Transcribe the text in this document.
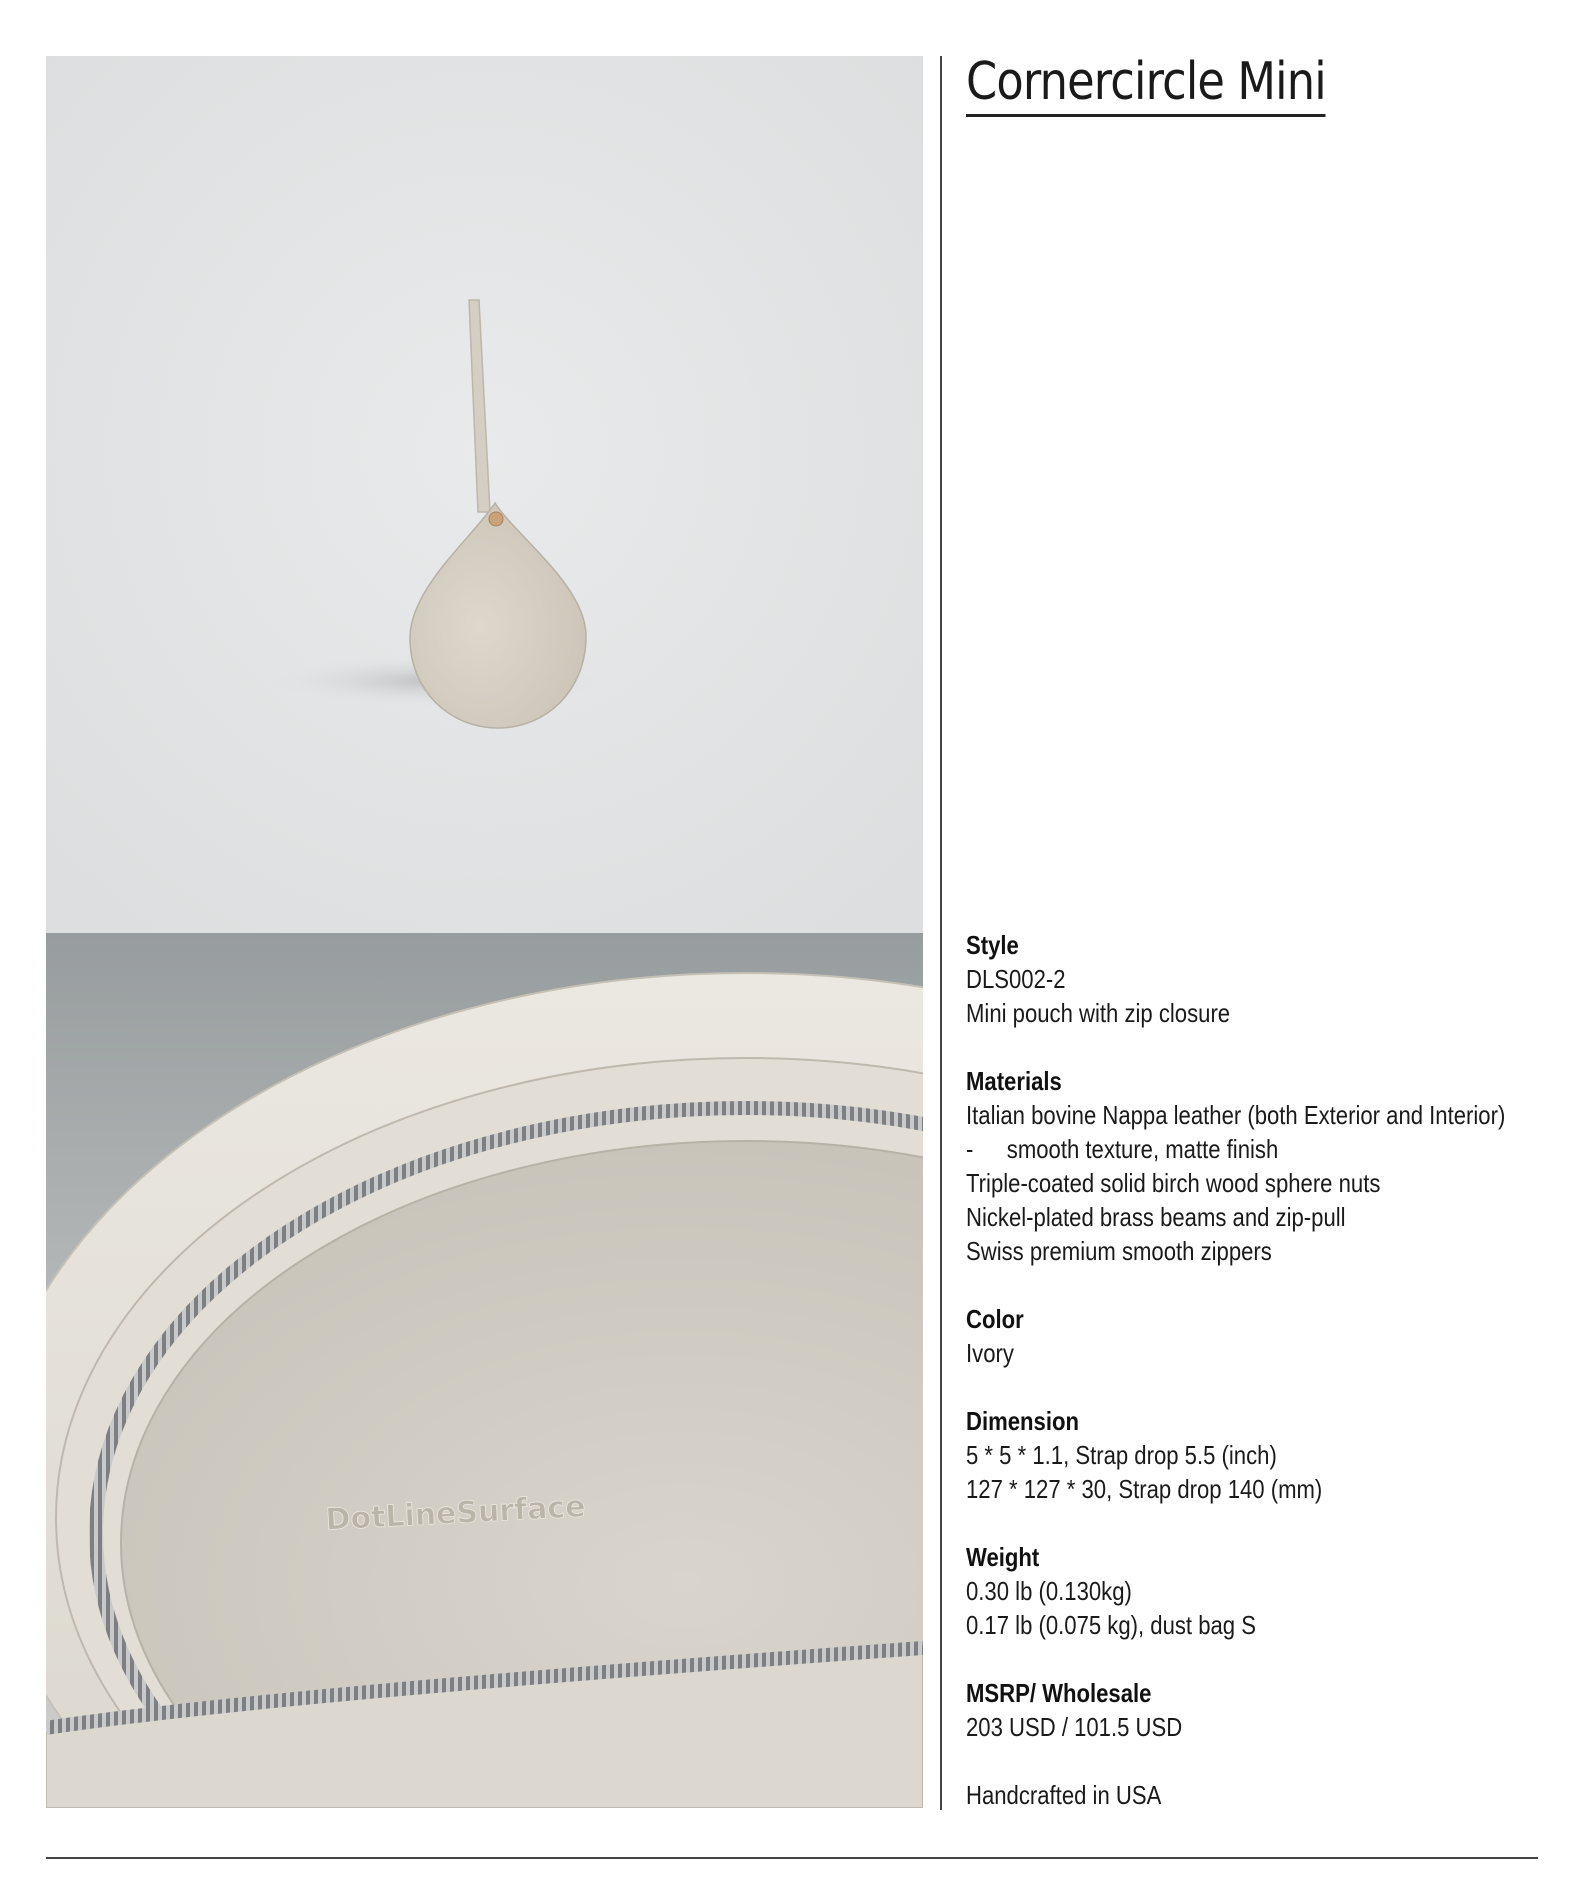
DotLineSurface
Cornercircle Mini
Style
DLS002-2
Mini pouch with zip closure
Materials
Italian bovine Nappa leather (both Exterior and Interior)
- smooth texture, matte finish
Triple-coated solid birch wood sphere nuts
Nickel-plated brass beams and zip-pull
Swiss premium smooth zippers
Color
Ivory
Dimension
5 * 5 * 1.1, Strap drop 5.5 (inch)
127 * 127 * 30, Strap drop 140 (mm)
Weight
0.30 lb (0.130kg)
0.17 lb (0.075 kg), dust bag S
MSRP/ Wholesale
203 USD / 101.5 USD
Handcrafted in USA
